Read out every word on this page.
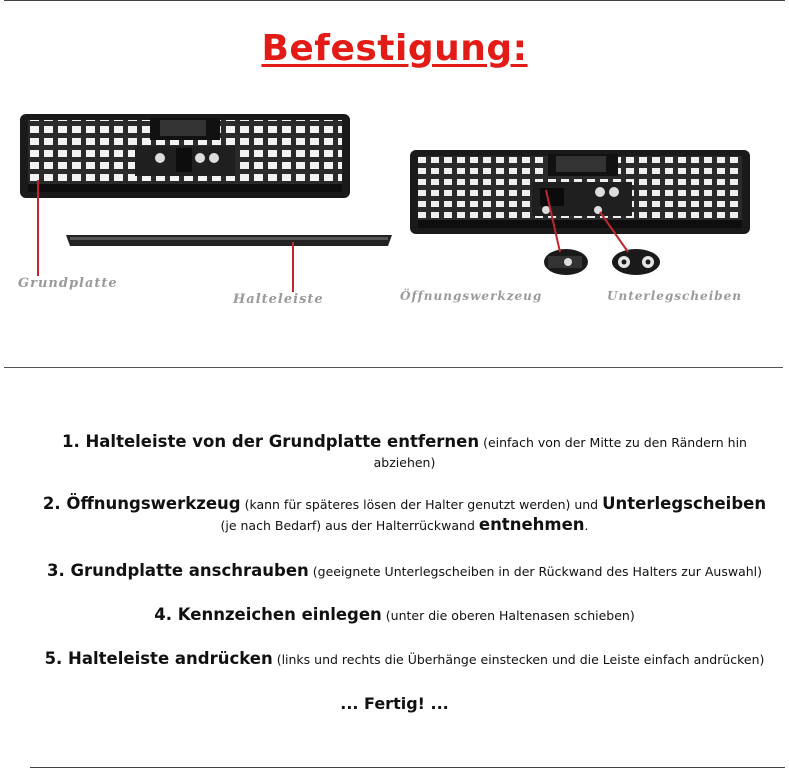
Befestigung:
Grundplatte
Halteleiste	Öffnungswerkzeug	Unterlegscheiben
1. Halteleiste von der Grundplatte entfernen (einfach von der Mitte zu den Rändern hin abziehen)
2. Öffnungswerkzeug (kann für späteres lösen der Halter genutzt werden) und Unterlegscheiben
(je nach Bedarf) aus der Halterrückwand entnehmen.
3. Grundplatte anschrauben (geeignete Unterlegscheiben in der Rückwand des Halters zur Auswahl)
4. Kennzeichen einlegen (unter die oberen Haltenasen schieben)
5. Halteleiste andrücken (links und rechts die Überhänge einstecken und die Leiste einfach andrücken)
... Fertig! ...
